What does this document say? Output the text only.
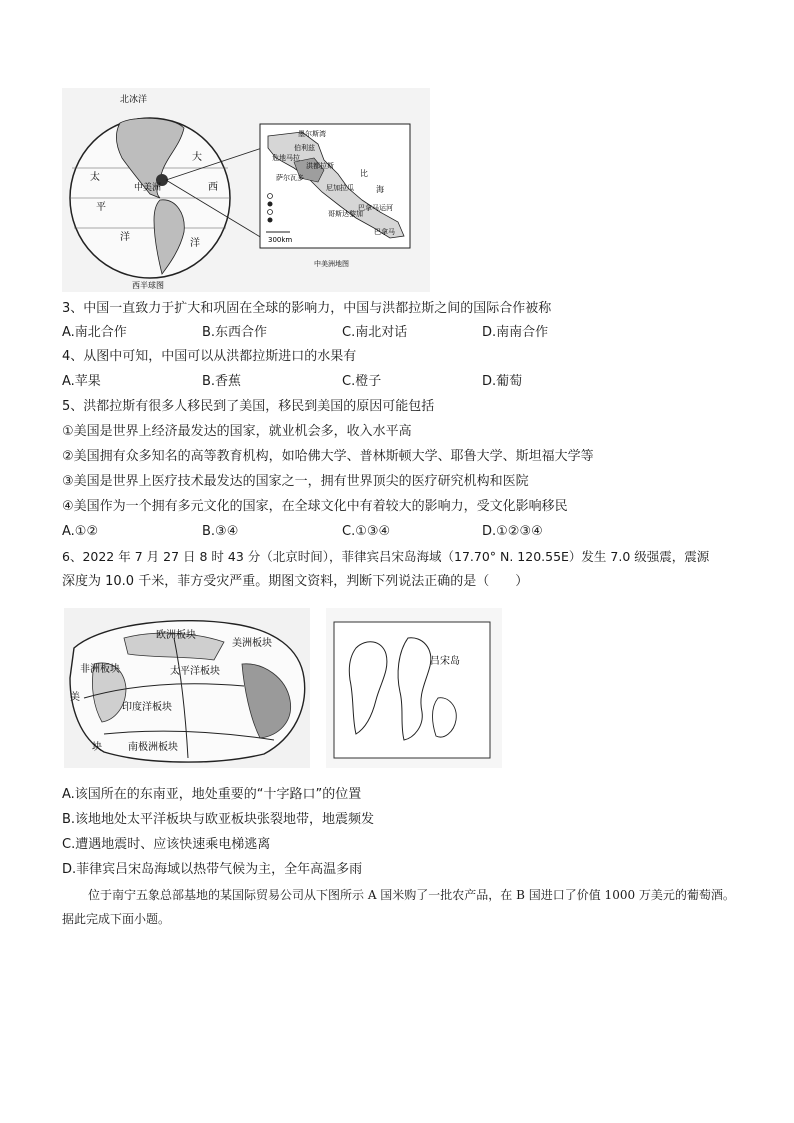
北冰洋
大
太
中美洲	西
平
洋
洋
西半球图
300km
墨尔斯湾
伯利兹
危地马拉
洪都拉斯
萨尔瓦多
尼加拉瓜
哥斯达黎加
巴拿马运河
巴拿马
比
海
中美洲地图
3、中国一直致力于扩大和巩固在全球的影响力，中国与洪都拉斯之间的国际合作被称
A.南北合作	B.东西合作	C.南北对话	D.南南合作
4、从图中可知，中国可以从洪都拉斯进口的水果有
A.苹果	B.香蕉	C.橙子	D.葡萄
5、洪都拉斯有很多人移民到了美国，移民到美国的原因可能包括
①美国是世界上经济最发达的国家，就业机会多，收入水平高
②美国拥有众多知名的高等教育机构，如哈佛大学、普林斯顿大学、耶鲁大学、斯坦福大学等
③美国是世界上医疗技术最发达的国家之一，拥有世界顶尖的医疗研究机构和医院
④美国作为一个拥有多元文化的国家，在全球文化中有着较大的影响力，受文化影响移民
A.①②	B.③④	C.①③④	D.①②③④
6、2022 年 7 月 27 日 8 时 43 分（北京时间），菲律宾吕宋岛海域（17.70° N. 120.55E）发生 7.0 级强震，震源
深度为 10.0 千米，菲方受灾严重。期图文资料，判断下列说法正确的是（　　）
欧洲板块
美洲板块
非洲板块	太平洋板块
印度洋板块
南极洲板块
美
块
吕宋岛
A.该国所在的东南亚，地处重要的“十字路口”的位置
B.该地地处太平洋板块与欧亚板块张裂地带，地震频发
C.遭遇地震时、应该快速乘电梯逃离
D.菲律宾吕宋岛海域以热带气候为主，全年高温多雨
位于南宁五象总部基地的某国际贸易公司从下图所示 A 国米购了一批农产品，在 B 国进口了价值 1000 万美元的葡萄酒。据此完成下面小题。
